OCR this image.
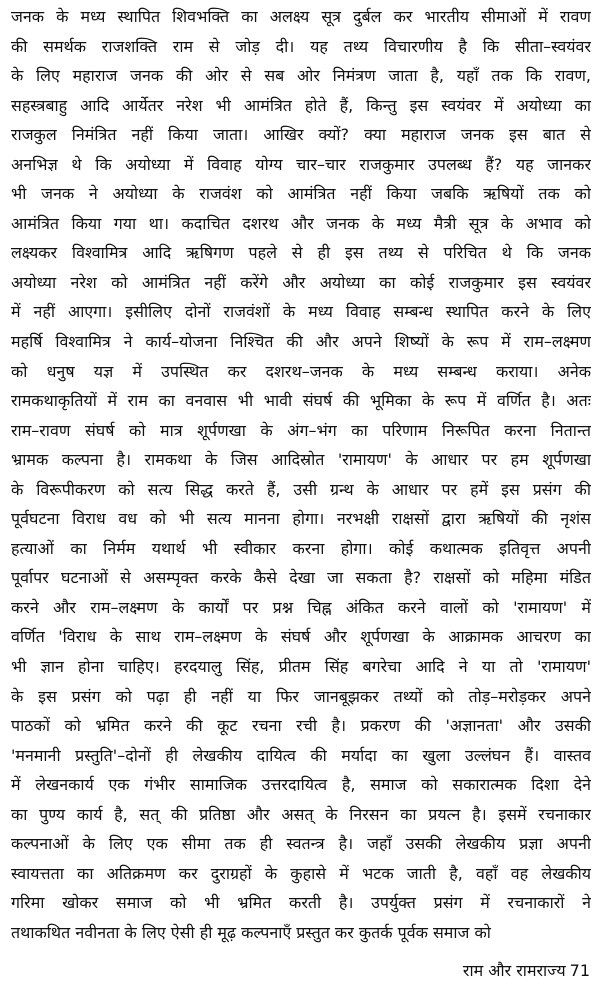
जनक के मध्य स्थापित शिवभक्ति का अलक्ष्य सूत्र दुर्बल कर भारतीय सीमाओं में रावण
की समर्थक राजशक्ति राम से जोड़ दी। यह तथ्य विचारणीय है कि सीता–स्वयंवर
के लिए महाराज जनक की ओर से सब ओर निमंत्रण जाता है, यहाँ तक कि रावण,
सहस्त्रबाहु आदि आर्येतर नरेश भी आमंत्रित होते हैं, किन्तु इस स्वयंवर में अयोध्या का
राजकुल निमंत्रित नहीं किया जाता। आखिर क्यों? क्या महाराज जनक इस बात से
अनभिज्ञ थे कि अयोध्या में विवाह योग्य चार–चार राजकुमार उपलब्ध हैं? यह जानकर
भी जनक ने अयोध्या के राजवंश को आमंत्रित नहीं किया जबकि ऋषियों तक को
आमंत्रित किया गया था। कदाचित दशरथ और जनक के मध्य मैत्री सूत्र के अभाव को
लक्ष्यकर विश्वामित्र आदि ऋषिगण पहले से ही इस तथ्य से परिचित थे कि जनक
अयोध्या नरेश को आमंत्रित नहीं करेंगे और अयोध्या का कोई राजकुमार इस स्वयंवर
में नहीं आएगा। इसीलिए दोनों राजवंशों के मध्य विवाह सम्बन्ध स्थापित करने के लिए
महर्षि विश्वामित्र ने कार्य–योजना निश्चित की और अपने शिष्यों के रूप में राम–लक्ष्मण
को धनुष यज्ञ में उपस्थित कर दशरथ–जनक के मध्य सम्बन्ध कराया। अनेक
रामकथाकृतियों में राम का वनवास भी भावी संघर्ष की भूमिका के रूप में वर्णित है। अतः
राम–रावण संघर्ष को मात्र शूर्पणखा के अंग–भंग का परिणाम निरूपित करना नितान्त
भ्रामक कल्पना है। रामकथा के जिस आदिस्रोत 'रामायण' के आधार पर हम शूर्पणखा
के विरूपीकरण को सत्य सिद्ध करते हैं, उसी ग्रन्थ के आधार पर हमें इस प्रसंग की
पूर्वघटना विराध वध को भी सत्य मानना होगा। नरभक्षी राक्षसों द्वारा ऋषियों की नृशंस
हत्याओं का निर्मम यथार्थ भी स्वीकार करना होगा। कोई कथात्मक इतिवृत्त अपनी
पूर्वापर घटनाओं से असम्पृक्त करके कैसे देखा जा सकता है? राक्षसों को महिमा मंडित
करने और राम–लक्ष्मण के कार्यों पर प्रश्न चिह्न अंकित करने वालों को 'रामायण' में
वर्णित 'विराध के साथ राम–लक्ष्मण के संघर्ष और शूर्पणखा के आक्रामक आचरण का
भी ज्ञान होना चाहिए। हरदयालु सिंह, प्रीतम सिंह बगरेचा आदि ने या तो 'रामायण'
के इस प्रसंग को पढ़ा ही नहीं या फिर जानबूझकर तथ्यों को तोड़–मरोड़कर अपने
पाठकों को भ्रमित करने की कूट रचना रची है। प्रकरण की 'अज्ञानता' और उसकी
'मनमानी प्रस्तुति'–दोनों ही लेखकीय दायित्व की मर्यादा का खुला उल्लंघन हैं। वास्तव
में लेखनकार्य एक गंभीर सामाजिक उत्तरदायित्व है, समाज को सकारात्मक दिशा देने
का पुण्य कार्य है, सत् की प्रतिष्ठा और असत् के निरसन का प्रयत्न है। इसमें रचनाकार
कल्पनाओं के लिए एक सीमा तक ही स्वतन्त्र है। जहाँ उसकी लेखकीय प्रज्ञा अपनी
स्वायत्तता का अतिक्रमण कर दुराग्रहों के कुहासे में भटक जाती है, वहाँ वह लेखकीय
गरिमा खोकर समाज को भी भ्रमित करती है। उपर्युक्त प्रसंग में रचनाकारों ने
तथाकथित नवीनता के लिए ऐसी ही मूढ़ कल्पनाएँ प्रस्तुत कर कुतर्क पूर्वक समाज को
राम और रामराज्य 71
